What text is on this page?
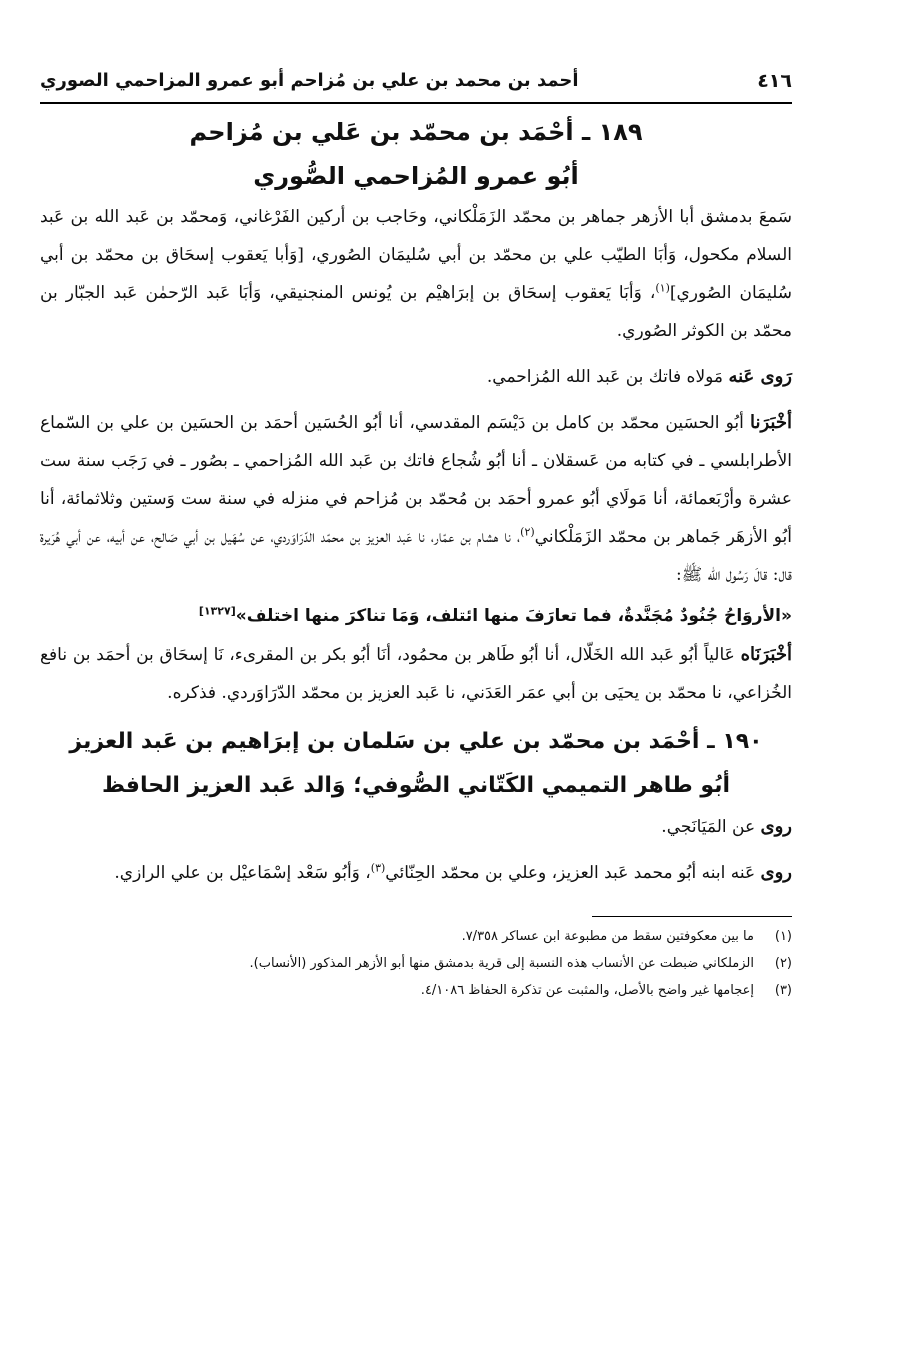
٤١٦
أحمد بن محمد بن علي بن مُزاحم أبو عمرو المزاحمي الصوري
١٨٩ ـ أحْمَد بن محمّد بن عَلي بن مُزاحم
أبُو عمرو المُزاحمي الصُّوري

سَمعَ بدمشق أبا الأزهر جماهر بن محمّد الزَمَلْكاني، وحَاجب بن أركين الفَرْغاني، وَمحمّد بن عَبد الله بن عَبد السلام مكحول، وَأبَا الطيّب علي بن محمّد بن أبي سُليمَان الصُوري، [وَأبا يَعقوب إسحَاق بن محمّد بن أبي سُليمَان الصُوري]$^{(١)}$، وَأبَا يَعقوب إسحَاق بن إبرَاهيْم بن يُونس المنجنيقي، وَأبَا عَبد الرّحمٰن عَبد الجبّار بن محمّد بن الكوثر الصُوري.

رَوى عَنه مَولاه فاتك بن عَبد الله المُزاحمي.

أخْبَرَنا أبُو الحسَين محمّد بن كامل بن دَيْسَم المقدسي، أنا أبُو الحُسَين أحمَد بن الحسَين بن علي بن السّماع الأطرابلسي ـ في كتابه من عَسقلان ـ أنا أبُو شُجاع فاتك بن عَبد الله المُزاحمي ـ بصُور ـ في رَجَب سنة ست عشرة وأرْبَعمائة، أنا مَولَاي أبُو عمرو أحمَد بن مُحمّد بن مُزاحم في منزله في سنة ست وَستين وثلاثمائة، أنا أبُو الأزهَر جَماهر بن محمّد الزَمَلْكاني$^{(٢)}$، نا هشام بن عمّار، نا عَبد العزيز بن محمّد الدّرَاوَردي، عن سُهَيل بن أبي صَالح، عن أبيه، عن أبي هُرَيرة قال: قالَ رَسُول الله ﷺ:

«الأروَاحُ جُنُودٌ مُجَنَّدةٌ، فما تعارَفَ منها ائتلف، وَمَا تناكرَ منها اختلف»[١٣٢٧]

أخْبَرَنَاه عَالياً أبُو عَبد الله الخَلّال، أنا أبُو طَاهر بن محمُود، أنَا أبُو بكر بن المقرىء، نَا إسحَاق بن أحمَد بن نافع الخُزاعي، نا محمّد بن يحيَى بن أبي عمَر العَدَني، نا عَبد العزيز بن محمّد الدّرَاوَردي. فذكره.

١٩٠ ـ أحْمَد بن محمّد بن علي بن سَلمان بن إبرَاهيم بن عَبد العزيز
أبُو طاهر التميمي الكَتّاني الصُّوفي؛ وَالد عَبد العزيز الحافظ

روى عن المَيَانَجي.

روى عَنه ابنه أبُو محمد عَبد العزيز، وعلي بن محمّد الحِنّائي$^{(٣)}$، وَأبُو سَعْد إسْمَاعيْل بن علي الرازي.

(١)
ما بين معكوفتين سقط من مطبوعة ابن عساكر ٧/٣٥٨.
(٢)
الزملكاني ضبطت عن الأنساب هذه النسبة إلى قرية بدمشق منها أبو الأزهر المذكور (الأنساب).
(٣)
إعجامها غير واضح بالأصل، والمثبت عن تذكرة الحفاظ ٤/١٠٨٦.
